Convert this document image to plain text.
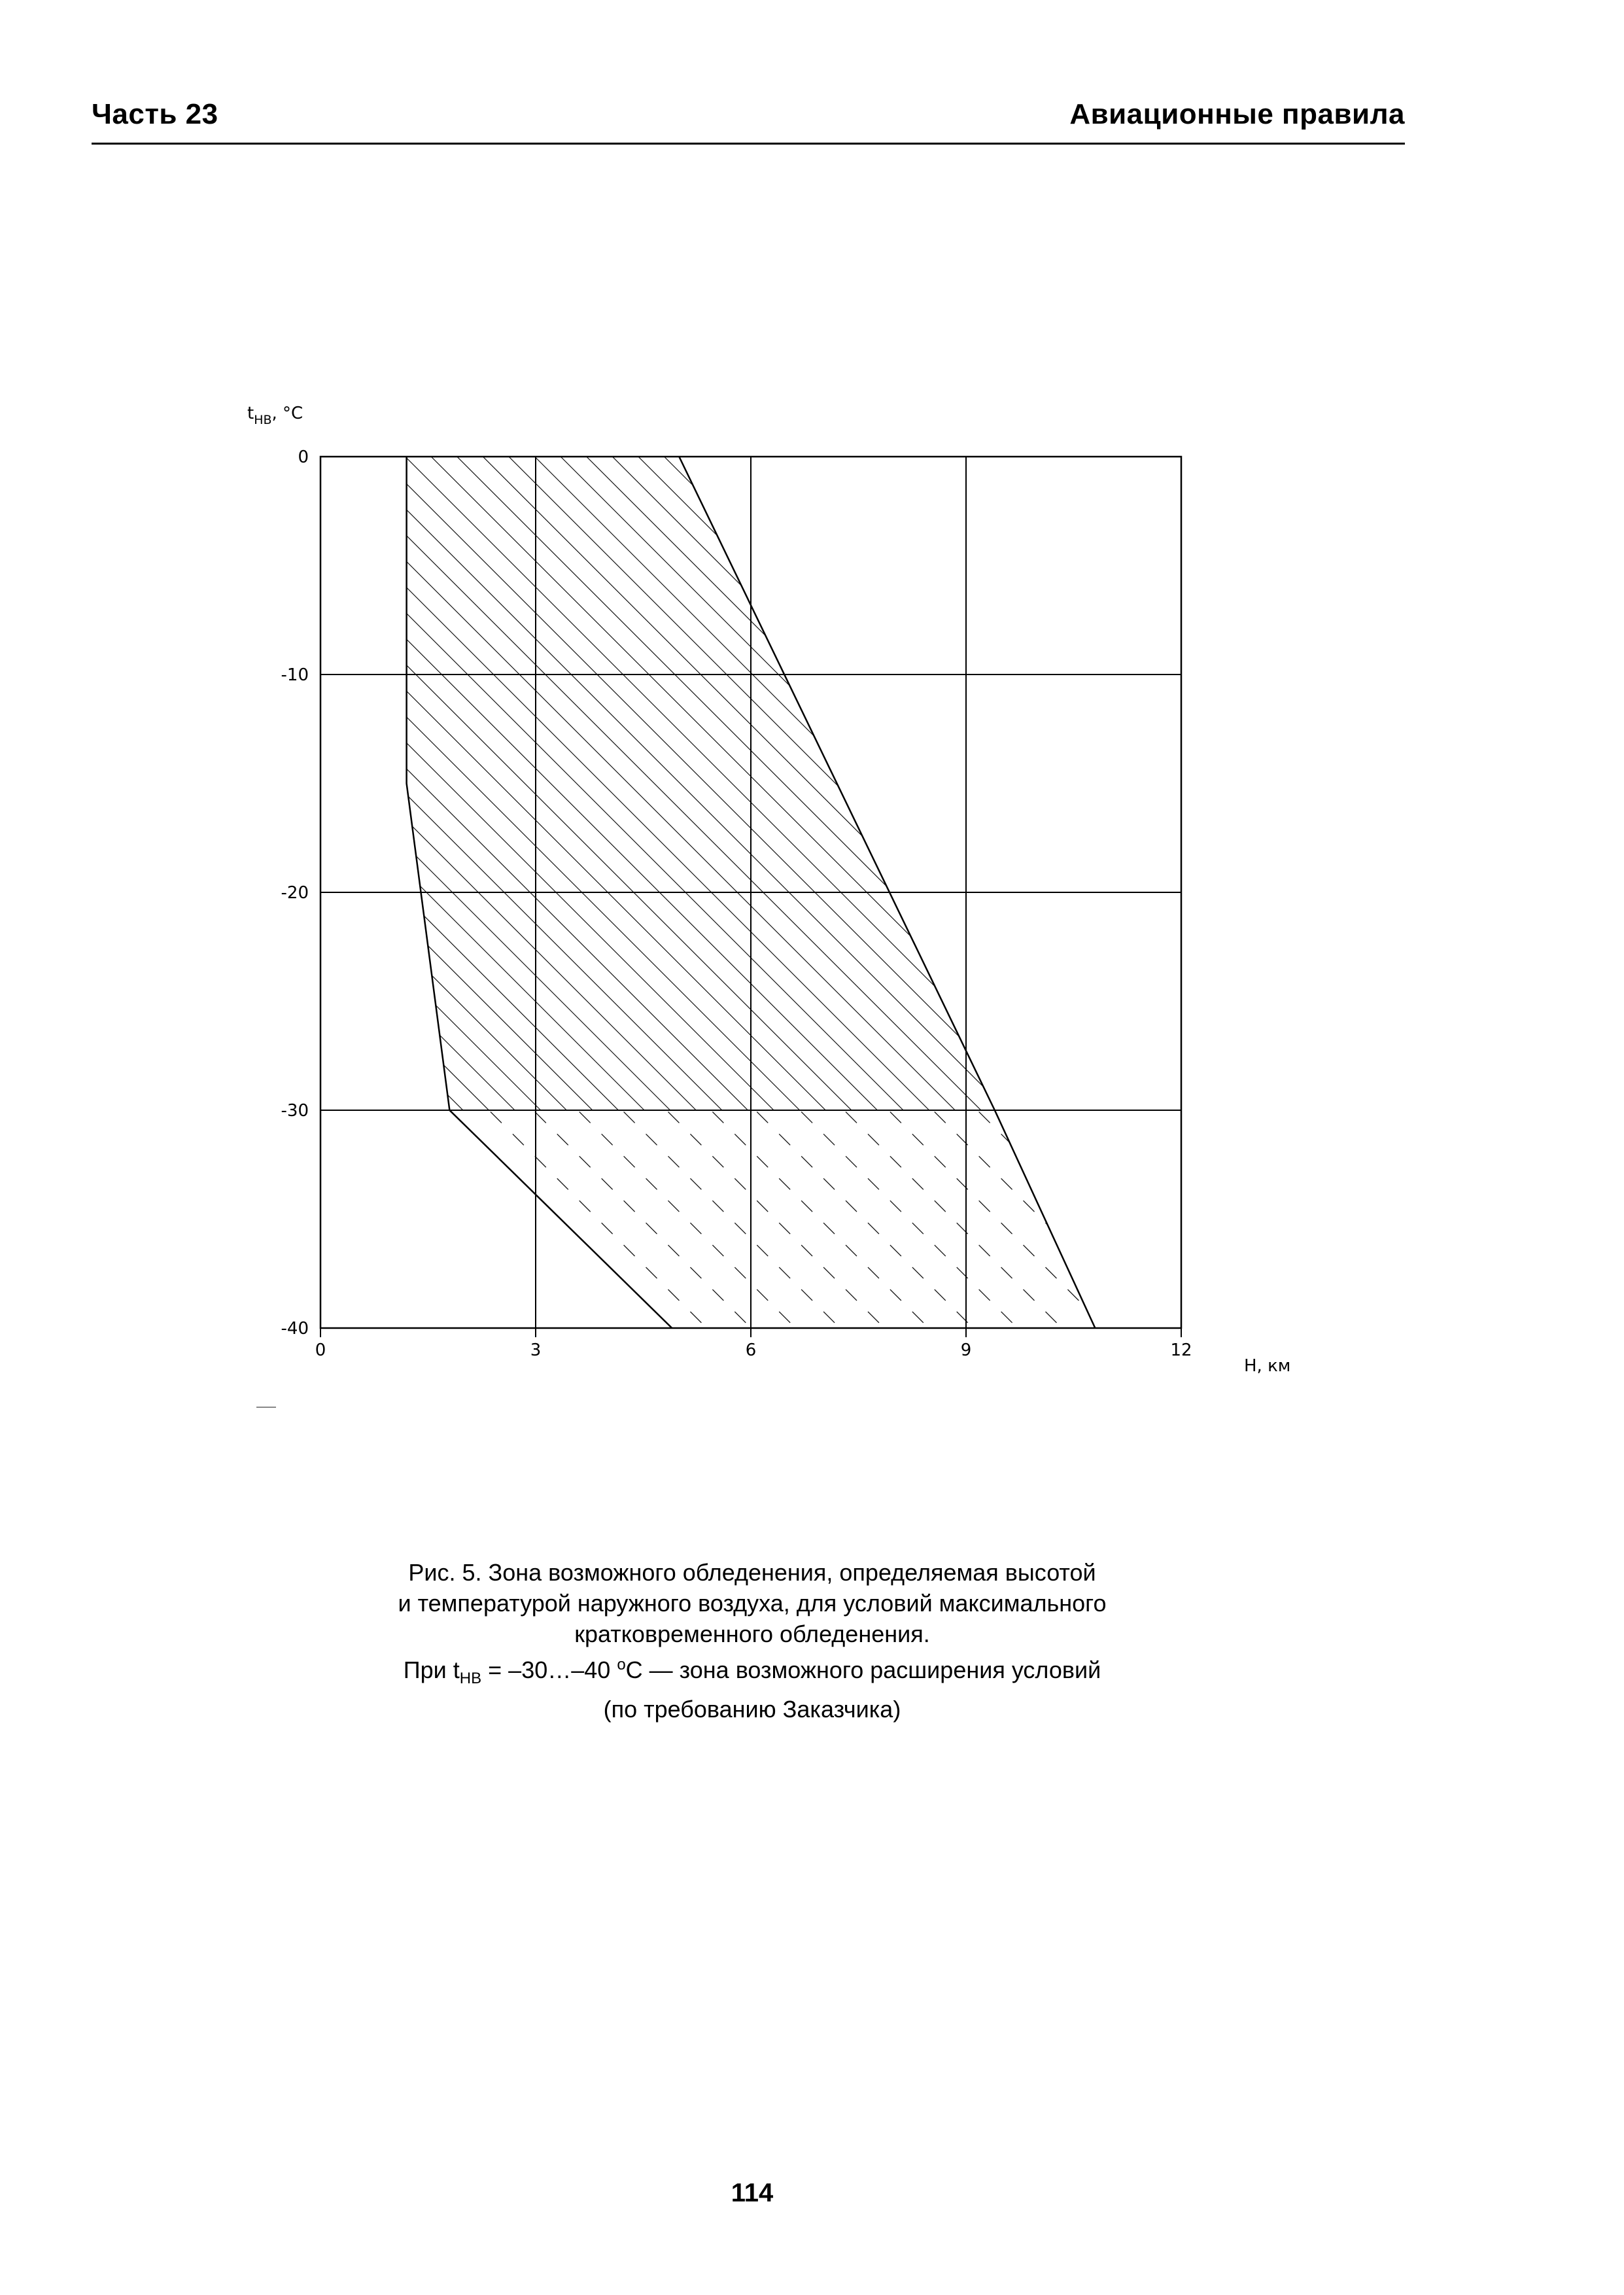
Часть 23	Авиационные правила
0	3	6	9	12
0
-10
-20
-30
-40
$t_{НВ}$, °C
H, км
Рис. 5. Зона возможного обледенения, определяемая высотой
и температурой наружного воздуха, для условий максимального
кратковременного обледенения.
При $t_{НВ}$ = –30…–40 $^о$С — зона возможного расширения условий
(по требованию Заказчика)
114
